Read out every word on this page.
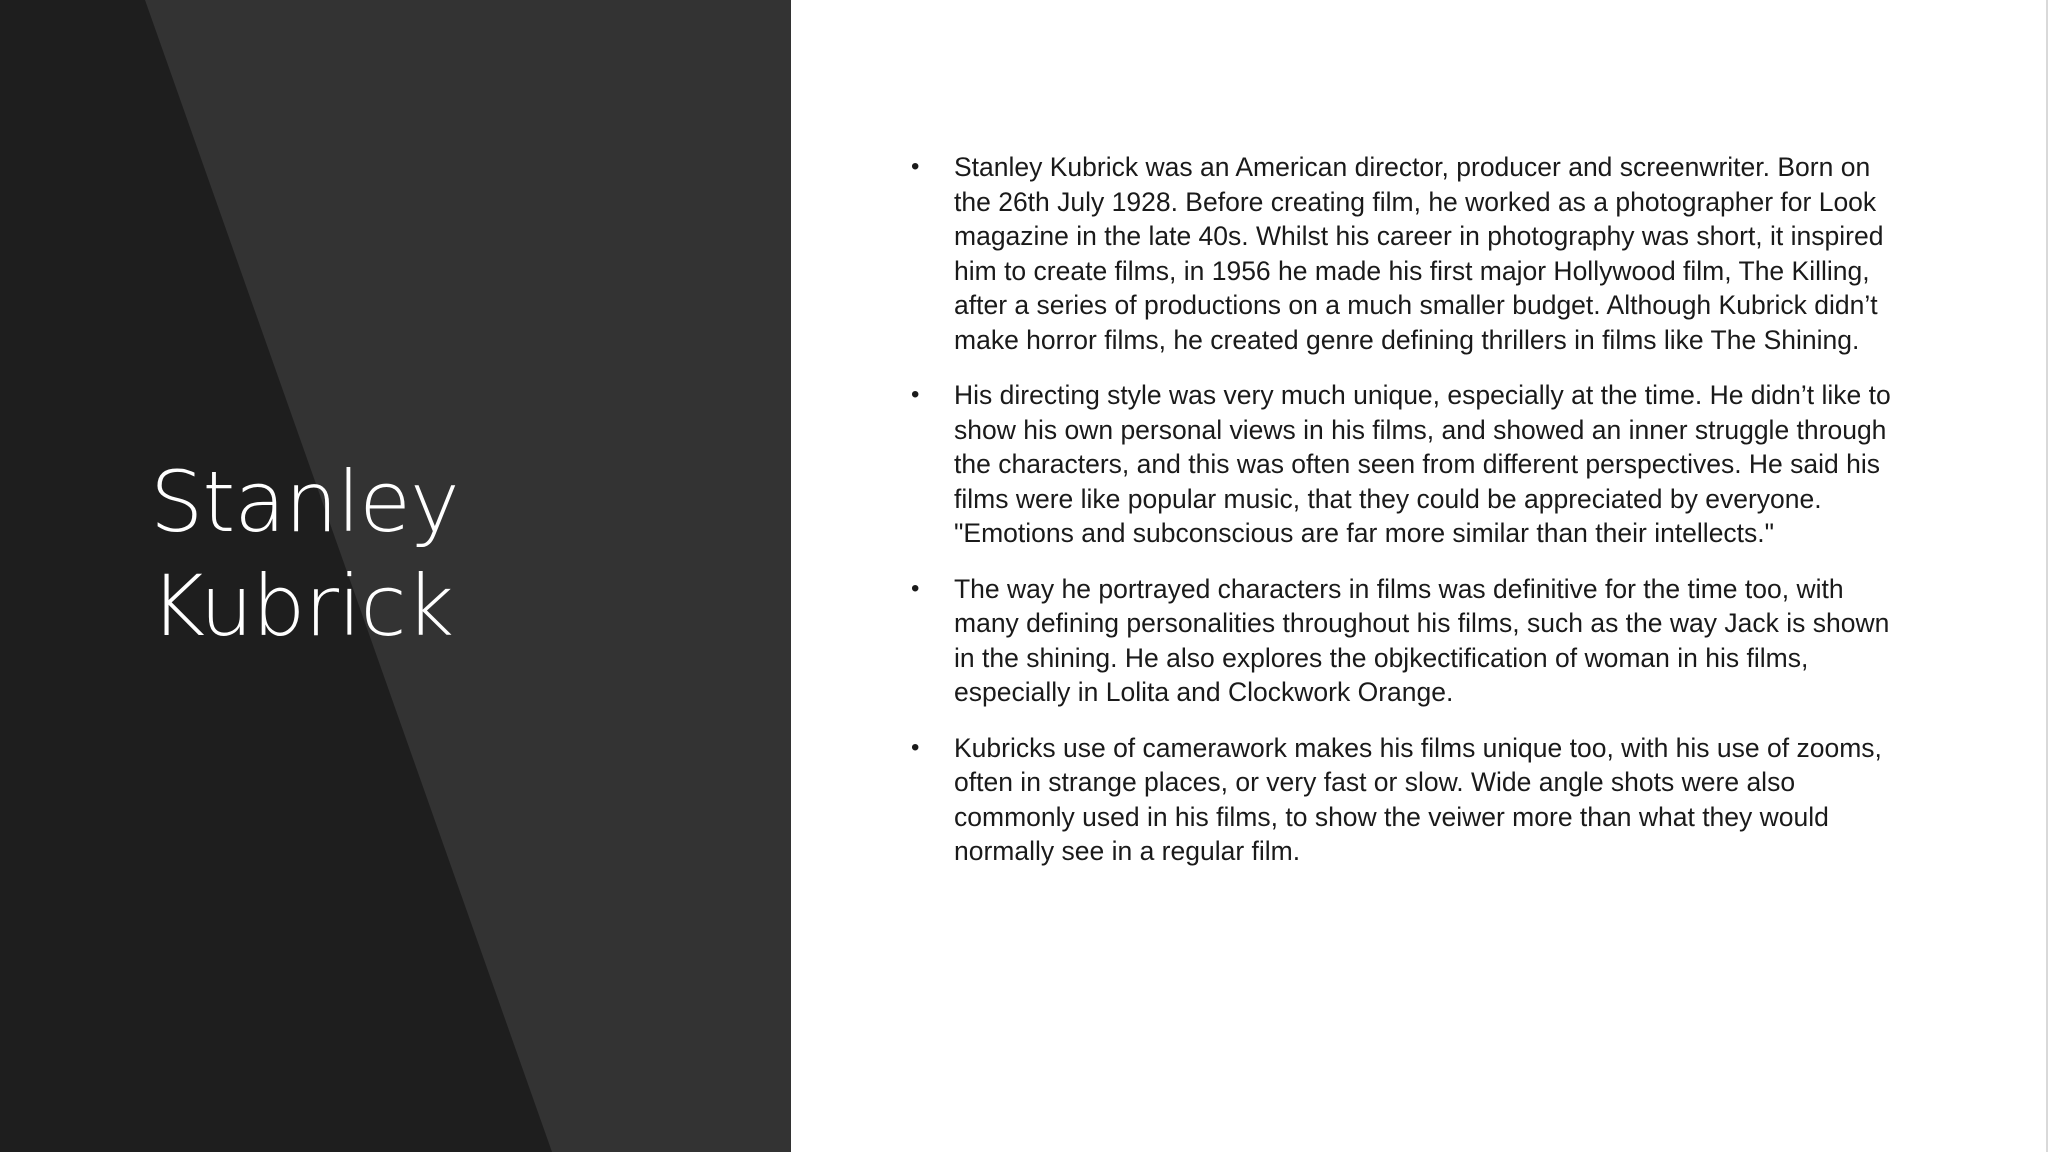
Stanley
Kubrick
• Stanley Kubrick was an American director, producer and screenwriter. Born on the 26th July 1928. Before creating film, he worked as a photographer for Look magazine in the late 40s. Whilst his career in photography was short, it inspired him to create films, in 1956 he made his first major Hollywood film, The Killing, after a series of productions on a much smaller budget. Although Kubrick didn’t make horror films, he created genre defining thrillers in films like The Shining.
• His directing style was very much unique, especially at the time. He didn’t like to show his own personal views in his films, and showed an inner struggle through the characters, and this was often seen from different perspectives. He said his films were like popular music, that they could be appreciated by everyone. "Emotions and subconscious are far more similar than their intellects."
• The way he portrayed characters in films was definitive for the time too, with many defining personalities throughout his films, such as the way Jack is shown in the shining. He also explores the objkectification of woman in his films, especially in Lolita and Clockwork Orange.
• Kubricks use of camerawork makes his films unique too, with his use of zooms, often in strange places, or very fast or slow. Wide angle shots were also commonly used in his films, to show the veiwer more than what they would normally see in a regular film.
